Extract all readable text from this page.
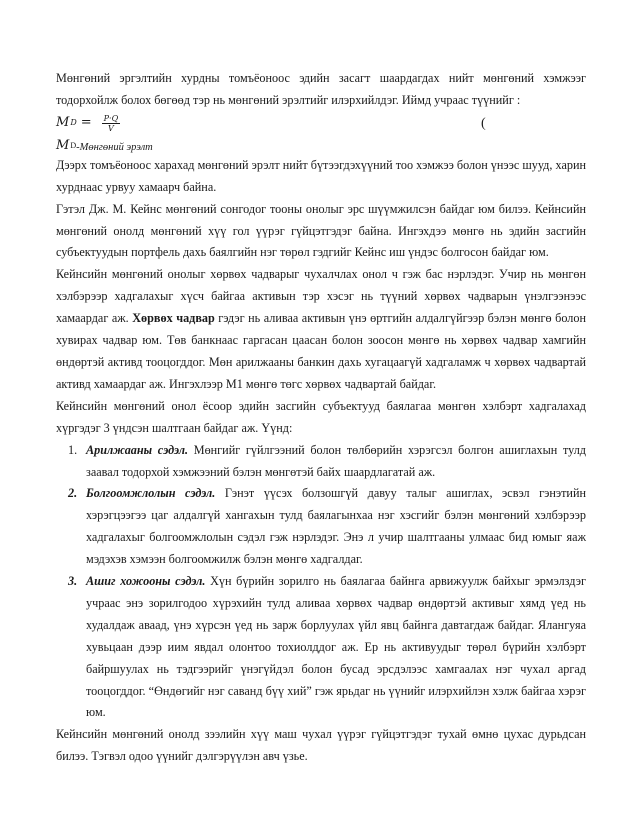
Мөнгөний эргэлтийн хурдны томъёоноос эдийн засагт шаардагдах нийт мөнгөний хэмжээг тодорхойлж болох бөгөөд тэр нь мөнгөний эрэлтийг илэрхийлдэг. Иймд учраас түүнийг :

M $D = \frac{P\cdot Q}{V}$	(
M D -Мөнгөний эрэлт

Дээрх томъёоноос харахад мөнгөний эрэлт нийт бүтээгдэхүүний тоо хэмжээ болон үнээс шууд, харин хурднаас урвуу хамаарч байна.

Гэтэл Дж. М. Кейнс мөнгөний сонгодог тооны онолыг эрс шүүмжилсэн байдаг юм билээ. Кейнсийн мөнгөний онолд мөнгөний хүү гол үүрэг гүйцэтгэдэг байна. Ингэхдээ мөнгө нь эдийн засгийн субъектуудын портфель дахь баялгийн нэг төрөл гэдгийг Кейнс иш үндэс болгосон байдаг юм.

Кейнсийн мөнгөний онолыг хөрвөх чадварыг чухалчлах онол ч гэж бас нэрлэдэг. Учир нь мөнгөн хэлбэрээр хадгалахыг хүсч байгаа активын тэр хэсэг нь түүний хөрвөх чадварын үнэлгээнээс хамаардаг аж. Хөрвөх чадвар гэдэг нь аливаа активын үнэ өртгийн алдалгүйгээр бэлэн мөнгө болон хувирах чадвар юм. Төв банкнаас гаргасан цаасан болон зоосон мөнгө нь хөрвөх чадвар хамгийн өндөртэй активд тооцогддог. Мөн арилжааны банкин дахь хугацаагүй хадгаламж ч хөрвөх чадвартай активд хамаардаг аж. Ингэхлээр М1 мөнгө төгс хөрвөх чадвартай байдаг.

Кейнсийн мөнгөний онол ёсоор эдийн засгийн субъектууд баялагаа мөнгөн хэлбэрт хадгалахад хүргэдэг 3 үндсэн шалтгаан байдаг аж. Үүнд:

1. Арилжааны сэдэл. Мөнгийг гүйлгээний болон төлбөрийн хэрэгсэл болгон ашиглахын тулд заавал тодорхой хэмжээний бэлэн мөнгөтэй байх шаардлагатай аж.
2. Болгоомжлолын сэдэл. Гэнэт үүсэх болзошгүй давуу талыг ашиглах, эсвэл гэнэтийн хэрэгцээгээ цаг алдалгүй хангахын тулд баялагынхаа нэг хэсгийг бэлэн мөнгөний хэлбэрээр хадгалахыг болгоомжлолын сэдэл гэж нэрлэдэг. Энэ л учир шалтгааны улмаас бид юмыг яаж мэдэхэв хэмээн болгоомжилж бэлэн мөнгө хадгалдаг.
3. Ашиг хожооны сэдэл. Хүн бүрийн зорилго нь баялагаа байнга арвижуулж байхыг эрмэлздэг учраас энэ зорилгодоо хүрэхийн тулд аливаа хөрвөх чадвар өндөртэй активыг хямд үед нь худалдаж аваад, үнэ хүрсэн үед нь зарж борлуулах үйл явц байнга давтагдаж байдаг. Ялангуяа хувьцаан дээр иим явдал олонтоо тохиолддог аж. Ер нь активуудыг төрөл бүрийн хэлбэрт байршуулах нь тэдгээрийг үнэгүйдэл болон бусад эрсдэлээс хамгаалах нэг чухал аргад тооцогддог. “Өндөгийг нэг саванд бүү хий” гэж ярьдаг нь үүнийг илэрхийлэн хэлж байгаа хэрэг юм.

Кейнсийн мөнгөний онолд зээлийн хүү маш чухал үүрэг гүйцэтгэдэг тухай өмнө цухас дурьдсан билээ. Тэгвэл одоо үүнийг дэлгэрүүлэн авч үзье.
